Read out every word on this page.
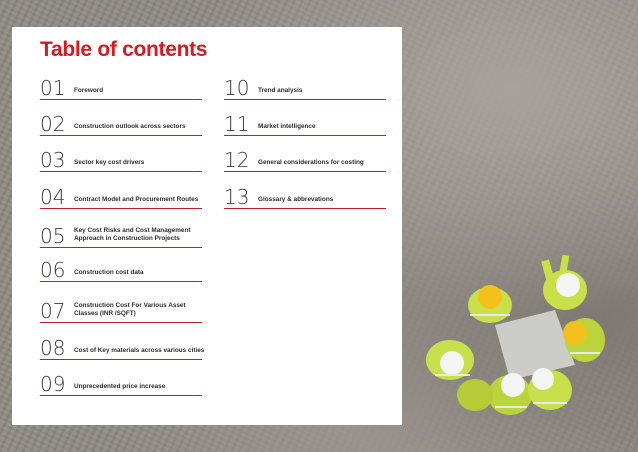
Table of contents
01 Foreword
02 Construction outlook across sectors
03 Sector key cost drivers
04 Contract Model and Procurement Routes
05 Key Cost Risks and Cost Management Approach in Construction Projects
06 Construction cost data
07 Construction Cost For Various Asset Classes (INR /SQFT)
08 Cost of Key materials across various cities
09 Unprecedented price increase
10 Trend analysis
11 Market intelligence
12 General considerations for costing
13 Glossary & abbrevations
